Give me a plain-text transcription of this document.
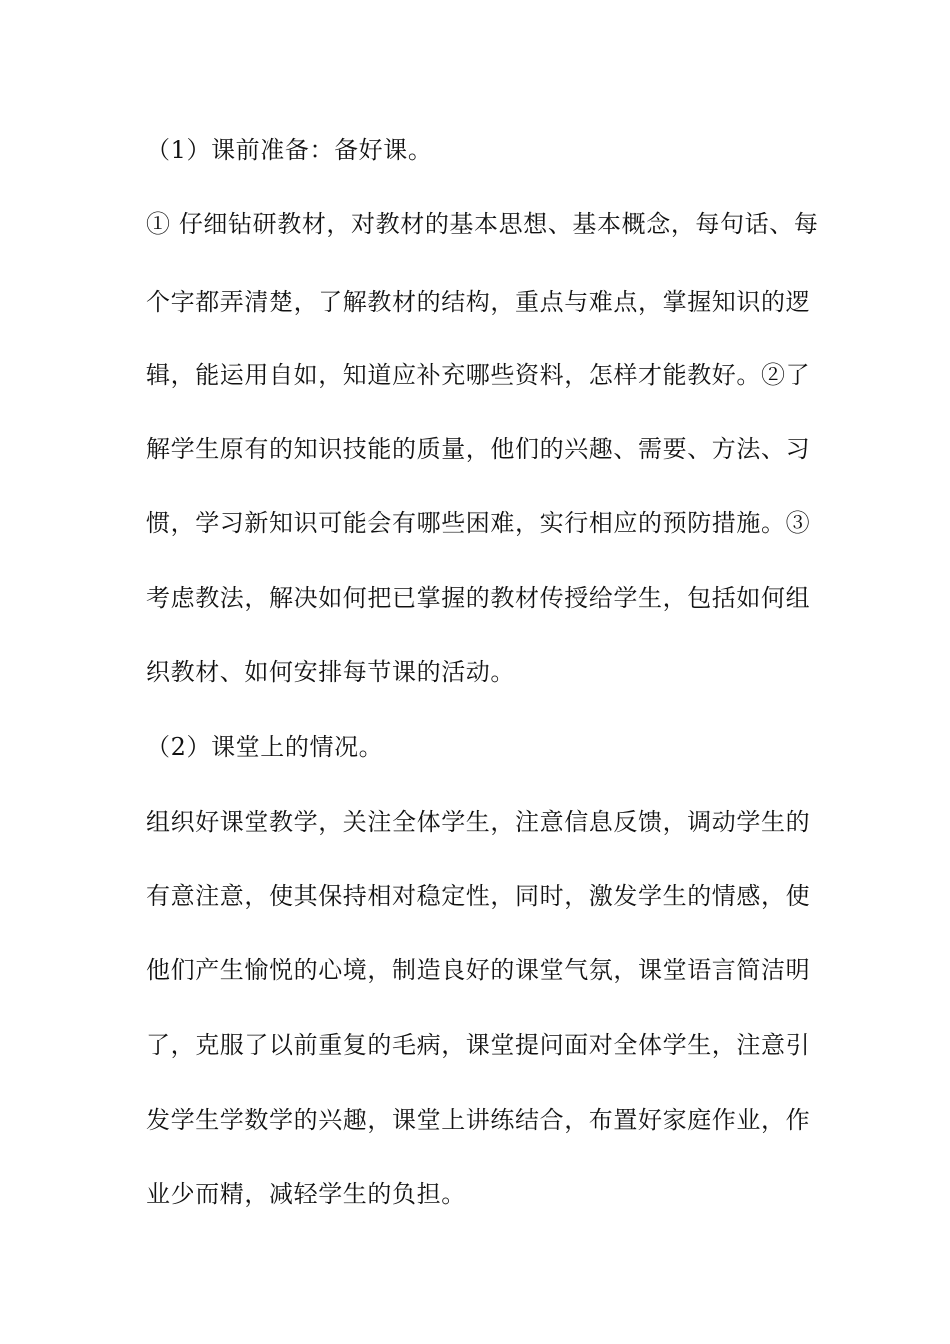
（1）课前准备：备好课。
① 仔细钻研教材，对教材的基本思想、基本概念，每句话、每
个字都弄清楚，了解教材的结构，重点与难点，掌握知识的逻
辑，能运用自如，知道应补充哪些资料，怎样才能教好。②了
解学生原有的知识技能的质量，他们的兴趣、需要、方法、习
惯，学习新知识可能会有哪些困难，实行相应的预防措施。③
考虑教法，解决如何把已掌握的教材传授给学生，包括如何组
织教材、如何安排每节课的活动。
（2）课堂上的情况。
组织好课堂教学，关注全体学生，注意信息反馈，调动学生的
有意注意，使其保持相对稳定性，同时，激发学生的情感，使
他们产生愉悦的心境，制造良好的课堂气氛，课堂语言简洁明
了，克服了以前重复的毛病，课堂提问面对全体学生，注意引
发学生学数学的兴趣，课堂上讲练结合，布置好家庭作业，作
业少而精，减轻学生的负担。
